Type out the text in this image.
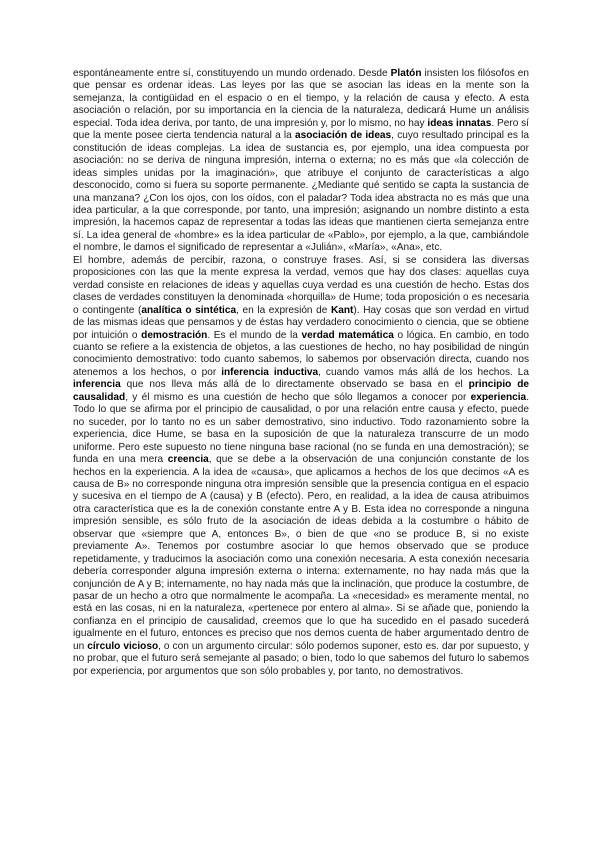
espontáneamente entre sí, constituyendo un mundo ordenado. Desde Platón insisten los filósofos en que pensar es ordenar ideas. Las leyes por las que se asocian las ideas en la mente son la semejanza, la contigüidad en el espacio o en el tiempo, y la relación de causa y efecto. A esta asociación o relación, por su importancia en la ciencia de la naturaleza, dedicará Hume un análisis especial. Toda idea deriva, por tanto, de una impresión y, por lo mismo, no hay ideas innatas. Pero sí que la mente posee cierta tendencia natural a la asociación de ideas, cuyo resultado principal es la constitución de ideas complejas. La idea de sustancia es, por ejemplo, una idea compuesta por asociación: no se deriva de ninguna impresión, interna o externa; no es más que «la colección de ideas simples unidas por la imaginación», que atribuye el conjunto de características a algo desconocido, como si fuera su soporte permanente. ¿Mediante qué sentido se capta la sustancia de una manzana? ¿Con los ojos, con los oídos, con el paladar? Toda idea abstracta no es más que una idea particular, a la que corresponde, por tanto, una impresión; asignando un nombre distinto a esta impresión, la hacemos capaz de representar a todas las ideas que mantienen cierta semejanza entre sí. La idea general de «hombre» es la idea particular de «Pablo», por ejemplo, a la que, cambiándole el nombre, le damos el significado de representar a «Julián», «María», «Ana», etc.

El hombre, además de percibir, razona, o construye frases. Así, si se considera las diversas proposiciones con las que la mente expresa la verdad, vemos que hay dos clases: aquellas cuya verdad consiste en relaciones de ideas y aquellas cuya verdad es una cuestión de hecho. Estas dos clases de verdades constituyen la denominada «horquilla» de Hume; toda proposición o es necesaria o contingente (analítica o sintética, en la expresión de Kant). Hay cosas que son verdad en virtud de las mismas ideas que pensamos y de éstas hay verdadero conocimiento o ciencia, que se obtiene por intuición o demostración. Es el mundo de la verdad matemática o lógica. En cambio, en todo cuanto se refiere a la existencia de objetos, a las cuestiones de hecho, no hay posibilidad de ningún conocimiento demostrativo: todo cuanto sabemos, lo sabemos por observación directa, cuando nos atenemos a los hechos, o por inferencia inductiva, cuando vamos más allá de los hechos. La inferencia que nos lleva más allá de lo directamente observado se basa en el principio de causalidad, y él mismo es una cuestión de hecho que sólo llegamos a conocer por experiencia. Todo lo que se afirma por el principio de causalidad, o por una relación entre causa y efecto, puede no suceder, por lo tanto no es un saber demostrativo, sino inductivo. Todo razonamiento sobre la experiencia, dice Hume, se basa en la suposición de que la naturaleza transcurre de un modo uniforme. Pero este supuesto no tiene ninguna base racional (no se funda en una demostración); se funda en una mera creencia, que se debe a la observación de una conjunción constante de los hechos en la experiencia. A la idea de «causa», que aplicamos a hechos de los que decimos «A es causa de B» no corresponde ninguna otra impresión sensible que la presencia contigua en el espacio y sucesiva en el tiempo de A (causa) y B (efecto). Pero, en realidad, a la idea de causa atribuimos otra característica que es la de conexión constante entre A y B. Esta idea no corresponde a ninguna impresión sensible, es sólo fruto de la asociación de ideas debida a la costumbre o hábito de observar que «siempre que A, entonces B», o bien de que «no se produce B, si no existe previamente A». Tenemos por costumbre asociar lo que hemos observado que se produce repetidamente, y traducimos la asociación como una conexión necesaria. A esta conexión necesaria debería corresponder alguna impresión externa o interna: externamente, no hay nada más que la conjunción de A y B; internamente, no hay nada más que la inclinación, que produce la costumbre, de pasar de un hecho a otro que normalmente le acompaña. La «necesidad» es meramente mental, no está en las cosas, ni en la naturaleza, «pertenece por entero al alma». Si se añade que, poniendo la confianza en el principio de causalidad, creemos que lo que ha sucedido en el pasado sucederá igualmente en el futuro, entonces es preciso que nos demos cuenta de haber argumentado dentro de un círculo vicioso, o con un argumento circular: sólo podemos suponer, esto es. dar por supuesto, y no probar, que el futuro será semejante al pasado; o bien, todo lo que sabemos del futuro lo sabemos por experiencia, por argumentos que son sólo probables y, por tanto, no demostrativos.
